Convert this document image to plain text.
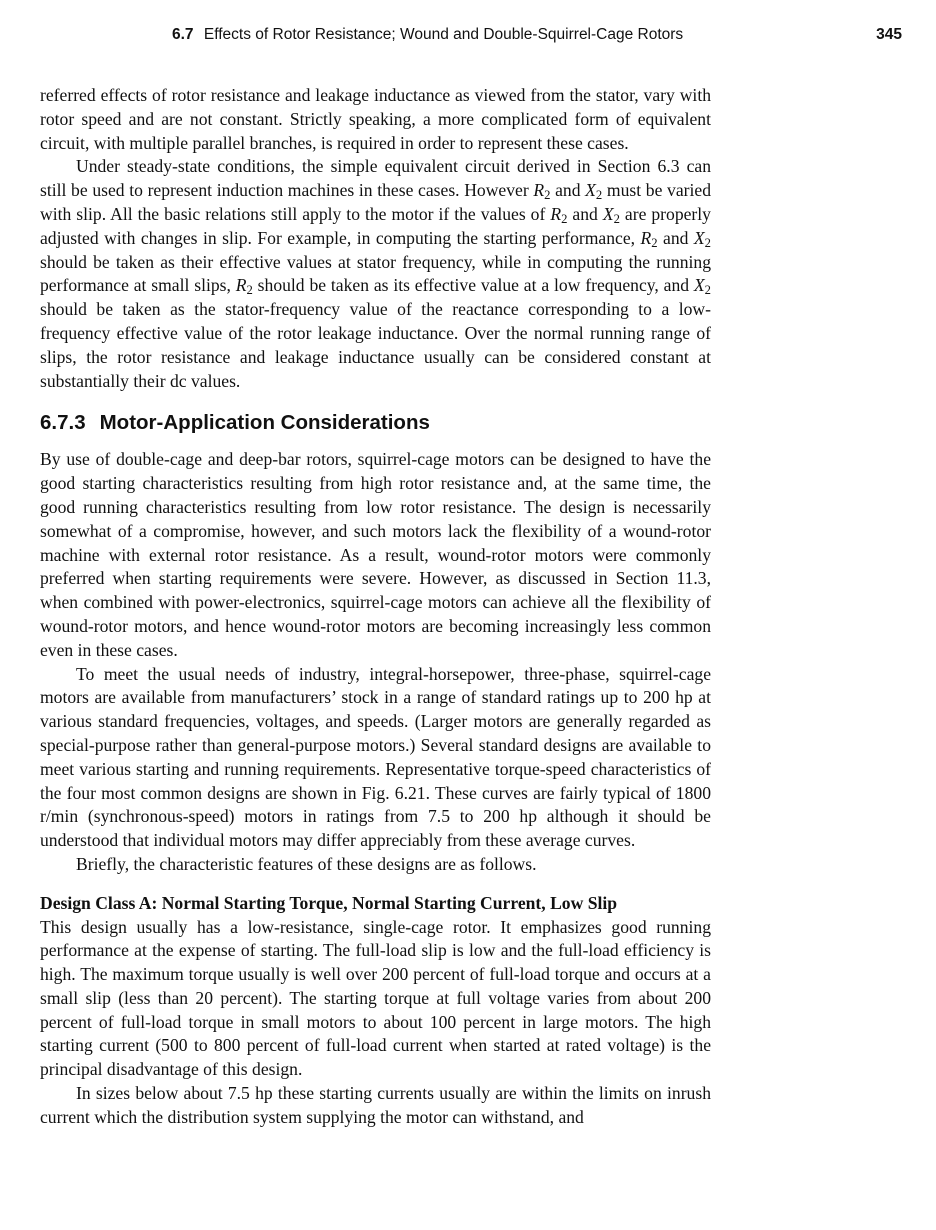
6.7 Effects of Rotor Resistance; Wound and Double-Squirrel-Cage Rotors	345

referred effects of rotor resistance and leakage inductance as viewed from the stator, vary with rotor speed and are not constant. Strictly speaking, a more complicated form of equivalent circuit, with multiple parallel branches, is required in order to represent these cases.

Under steady-state conditions, the simple equivalent circuit derived in Section 6.3 can still be used to represent induction machines in these cases. However $R_2$ and $X_2$ must be varied with slip. All the basic relations still apply to the motor if the values of $R_2$ and $X_2$ are properly adjusted with changes in slip. For example, in computing the starting performance, $R_2$ and $X_2$ should be taken as their effective values at stator frequency, while in computing the running performance at small slips, $R_2$ should be taken as its effective value at a low frequency, and $X_2$ should be taken as the stator-frequency value of the reactance corresponding to a low-frequency effective value of the rotor leakage inductance. Over the normal running range of slips, the rotor resistance and leakage inductance usually can be considered constant at substantially their dc values.

6.7.3 Motor-Application Considerations

By use of double-cage and deep-bar rotors, squirrel-cage motors can be designed to have the good starting characteristics resulting from high rotor resistance and, at the same time, the good running characteristics resulting from low rotor resistance. The design is necessarily somewhat of a compromise, however, and such motors lack the flexibility of a wound-rotor machine with external rotor resistance. As a result, wound-rotor motors were commonly preferred when starting requirements were severe. However, as discussed in Section 11.3, when combined with power-electronics, squirrel-cage motors can achieve all the flexibility of wound-rotor motors, and hence wound-rotor motors are becoming increasingly less common even in these cases.

To meet the usual needs of industry, integral-horsepower, three-phase, squirrel-cage motors are available from manufacturers’ stock in a range of standard ratings up to 200 hp at various standard frequencies, voltages, and speeds. (Larger motors are generally regarded as special-purpose rather than general-purpose motors.) Several standard designs are available to meet various starting and running requirements. Representative torque-speed characteristics of the four most common designs are shown in Fig. 6.21. These curves are fairly typical of 1800 r/min (synchronous-speed) motors in ratings from 7.5 to 200 hp although it should be understood that individual motors may differ appreciably from these average curves.

Briefly, the characteristic features of these designs are as follows.

Design Class A: Normal Starting Torque, Normal Starting Current, Low Slip

This design usually has a low-resistance, single-cage rotor. It emphasizes good running performance at the expense of starting. The full-load slip is low and the full-load efficiency is high. The maximum torque usually is well over 200 percent of full-load torque and occurs at a small slip (less than 20 percent). The starting torque at full voltage varies from about 200 percent of full-load torque in small motors to about 100 percent in large motors. The high starting current (500 to 800 percent of full-load current when started at rated voltage) is the principal disadvantage of this design.

In sizes below about 7.5 hp these starting currents usually are within the limits on inrush current which the distribution system supplying the motor can withstand, and
